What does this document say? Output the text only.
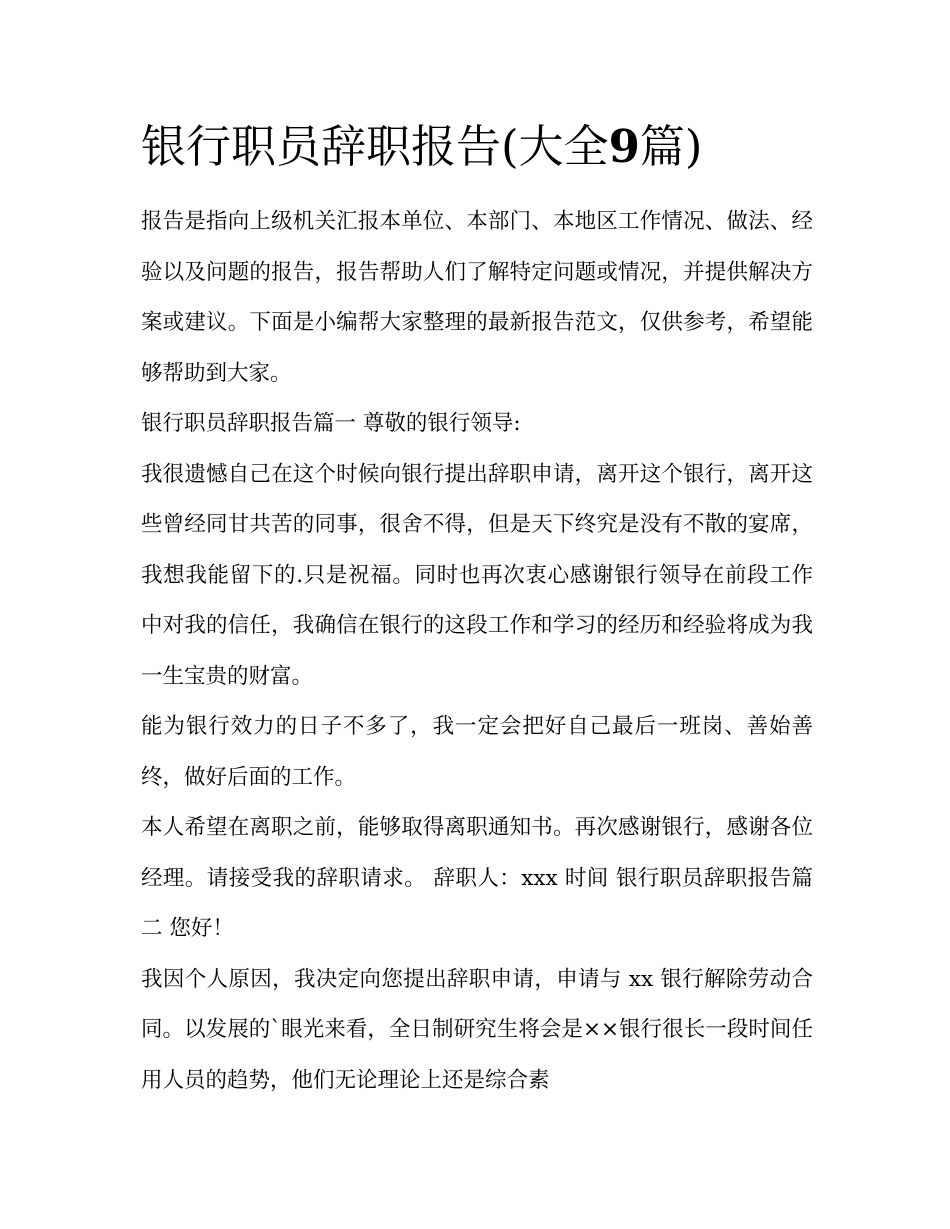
银行职员辞职报告(大全9篇)

报告是指向上级机关汇报本单位、本部门、本地区工作情况、做法、经验以及问题的报告，报告帮助人们了解特定问题或情况，并提供解决方案或建议。下面是小编帮大家整理的最新报告范文，仅供参考，希望能够帮助到大家。

银行职员辞职报告篇一 尊敬的银行领导:

我很遗憾自己在这个时候向银行提出辞职申请，离开这个银行，离开这些曾经同甘共苦的同事，很舍不得，但是天下终究是没有不散的宴席，我想我能留下的.只是祝福。同时也再次衷心感谢银行领导在前段工作中对我的信任，我确信在银行的这段工作和学习的经历和经验将成为我一生宝贵的财富。

能为银行效力的日子不多了，我一定会把好自己最后一班岗、善始善终，做好后面的工作。

本人希望在离职之前，能够取得离职通知书。再次感谢银行，感谢各位经理。请接受我的辞职请求。 辞职人：xxx 时间 银行职员辞职报告篇二 您好！

我因个人原因，我决定向您提出辞职申请，申请与 xx 银行解除劳动合同。以发展的`眼光来看，全日制研究生将会是××银行很长一段时间任用人员的趋势，他们无论理论上还是综合素
